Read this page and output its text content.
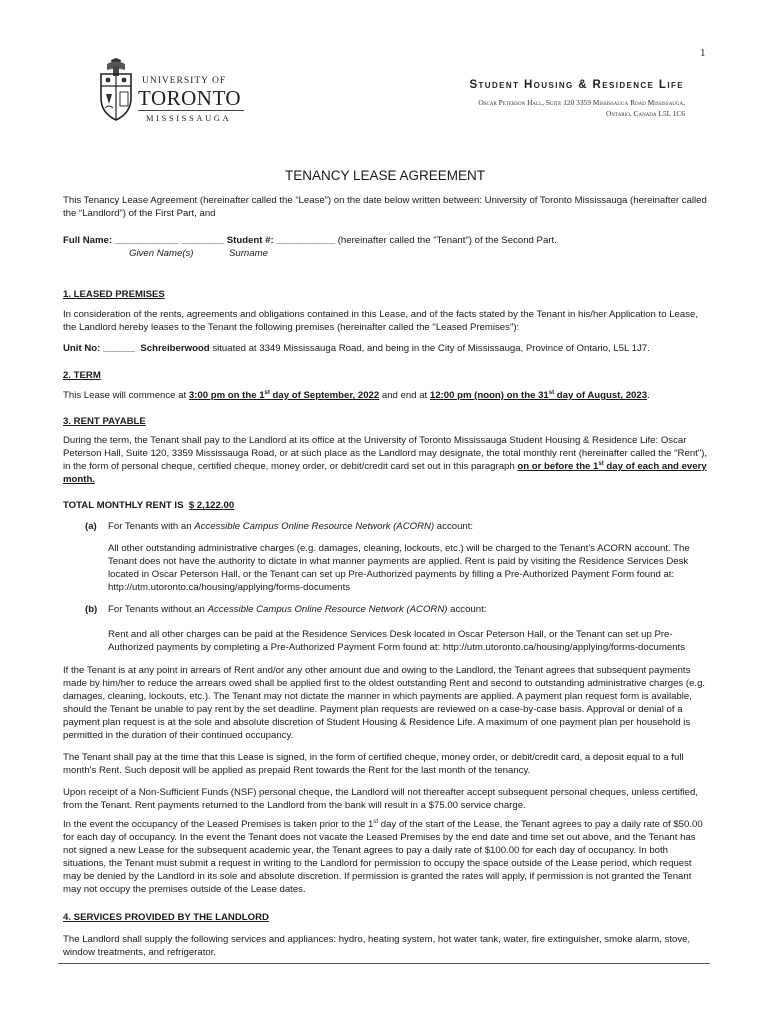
1
UNIVERSITY OF
TORONTO
MISSISSAUGA
Student Housing & Residence Life
Oscar Peterson Hall, Suite 120 3359 Mississauga Road Mississauga,
Ontario, Canada L5L 1C6
TENANCY LEASE AGREEMENT
This Tenancy Lease Agreement (hereinafter called the “Lease”) on the date below written between: University of Toronto Mississauga (hereinafter called the “Landlord”) of the First Part, and
Full Name: ____________ ________ Student #: ___________ (hereinafter called the "Tenant") of the Second Part.
Given Name(s)	Surname
1. LEASED PREMISES
In consideration of the rents, agreements and obligations contained in this Lease, and of the facts stated by the Tenant in his/her Application to Lease, the Landlord hereby leases to the Tenant the following premises (hereinafter called the "Leased Premises"):
Unit No: ______ Schreiberwood situated at 3349 Mississauga Road, and being in the City of Mississauga, Province of Ontario, L5L 1J7.
2. TERM
This Lease will commence at 3:00 pm on the 1st day of September, 2022 and end at 12:00 pm (noon) on the 31st day of August, 2023.
3. RENT PAYABLE
During the term, the Tenant shall pay to the Landlord at its office at the University of Toronto Mississauga Student Housing & Residence Life: Oscar Peterson Hall, Suite 120, 3359 Mississauga Road, or at such place as the Landlord may designate, the total monthly rent (hereinafter called the "Rent"), in the form of personal cheque, certified cheque, money order, or debit/credit card set out in this paragraph on or before the 1st day of each and every month.
TOTAL MONTHLY RENT IS $ 2,122.00
(a) For Tenants with an Accessible Campus Online Resource Network (ACORN) account:
All other outstanding administrative charges (e.g. damages, cleaning, lockouts, etc.) will be charged to the Tenant's ACORN account. The Tenant does not have the authority to dictate in what manner payments are applied. Rent is paid by visiting the Residence Services Desk located in Oscar Peterson Hall, or the Tenant can set up Pre-Authorized payments by filling a Pre-Authorized Payment Form found at: http://utm.utoronto.ca/housing/applying/forms-documents
(b) For Tenants without an Accessible Campus Online Resource Network (ACORN) account:
Rent and all other charges can be paid at the Residence Services Desk located in Oscar Peterson Hall, or the Tenant can set up Pre-Authorized payments by completing a Pre-Authorized Payment Form found at: http://utm.utoronto.ca/housing/applying/forms-documents
If the Tenant is at any point in arrears of Rent and/or any other amount due and owing to the Landlord, the Tenant agrees that subsequent payments made by him/her to reduce the arrears owed shall be applied first to the oldest outstanding Rent and second to outstanding administrative charges (e.g. damages, cleaning, lockouts, etc.). The Tenant may not dictate the manner in which payments are applied. A payment plan request form is available, should the Tenant be unable to pay rent by the set deadline. Payment plan requests are reviewed on a case-by-case basis. Approval or denial of a payment plan request is at the sole and absolute discretion of Student Housing & Residence Life. A maximum of one payment plan per household is permitted in the duration of their continued occupancy.
The Tenant shall pay at the time that this Lease is signed, in the form of certified cheque, money order, or debit/credit card, a deposit equal to a full month's Rent. Such deposit will be applied as prepaid Rent towards the Rent for the last month of the tenancy.
Upon receipt of a Non-Sufficient Funds (NSF) personal cheque, the Landlord will not thereafter accept subsequent personal cheques, unless certified, from the Tenant. Rent payments returned to the Landlord from the bank will result in a $75.00 service charge.
In the event the occupancy of the Leased Premises is taken prior to the 1st day of the start of the Lease, the Tenant agrees to pay a daily rate of $50.00 for each day of occupancy. In the event the Tenant does not vacate the Leased Premises by the end date and time set out above, and the Tenant has not signed a new Lease for the subsequent academic year, the Tenant agrees to pay a daily rate of $100.00 for each day of occupancy. In both situations, the Tenant must submit a request in writing to the Landlord for permission to occupy the space outside of the Lease period, which request may be denied by the Landlord in its sole and absolute discretion. If permission is granted the rates will apply, if permission is not granted the Tenant may not occupy the premises outside of the Lease dates.
4. SERVICES PROVIDED BY THE LANDLORD
The Landlord shall supply the following services and appliances: hydro, heating system, hot water tank, water, fire extinguisher, smoke alarm, stove, window treatments, and refrigerator.
